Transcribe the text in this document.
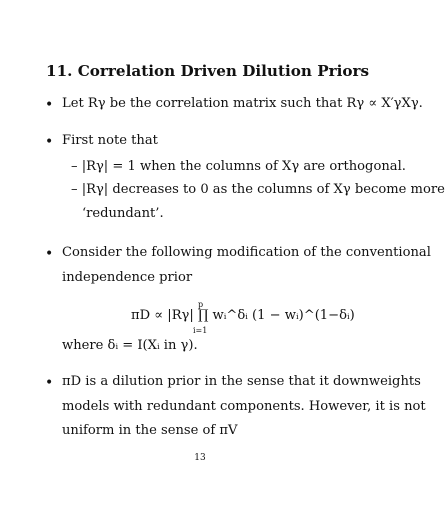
11. Correlation Driven Dilution Priors
• Let Rγ be the correlation matrix such that Rγ ∝ X′γXγ.
• First note that
– |Rγ| = 1 when the columns of Xγ are orthogonal.
– |Rγ| decreases to 0 as the columns of Xγ become more
‘redundant’.
• Consider the following modification of the conventional
independence prior
p
πD ∝ |Rγ| ∏ wᵢ^δᵢ (1 − wᵢ)^(1−δᵢ)
i=1
where δᵢ = I(Xᵢ in γ).
• πD is a dilution prior in the sense that it downweights
models with redundant components. However, it is not
uniform in the sense of πV
13
